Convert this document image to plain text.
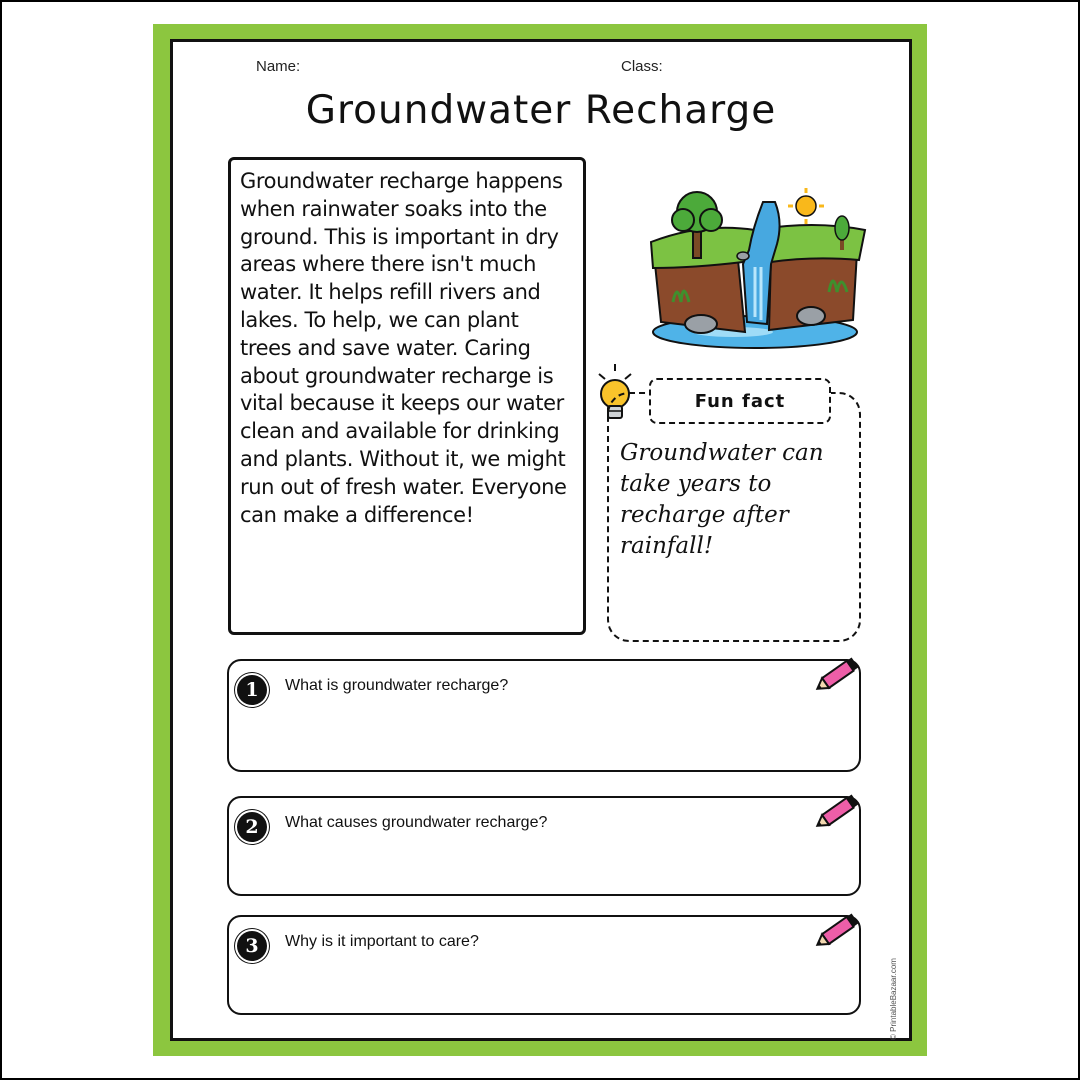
Name:	Class:
Groundwater Recharge

Groundwater recharge happens when rainwater soaks into the ground. This is important in dry areas where there isn't much water. It helps refill rivers and lakes. To help, we can plant trees and save water. Caring about groundwater recharge is vital because it keeps our water clean and available for drinking and plants. Without it, we might run out of fresh water. Everyone can make a difference!

Fun fact

Groundwater can take years to recharge after rainfall!

1	What is groundwater recharge?
2	What causes groundwater recharge?
3	Why is it important to care?
© PrintableBazaar.com
